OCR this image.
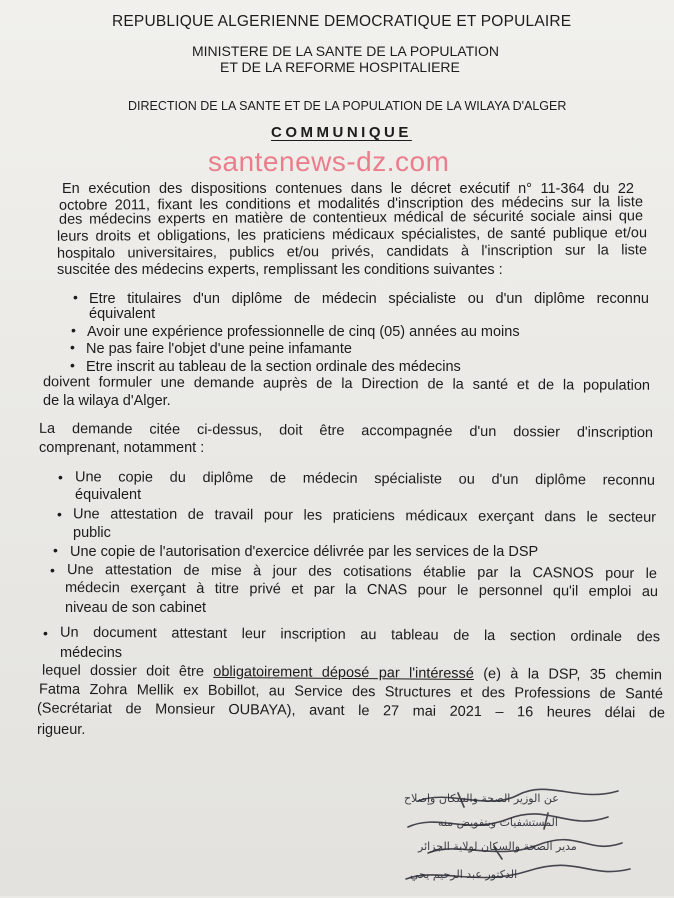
REPUBLIQUE ALGERIENNE DEMOCRATIQUE ET POPULAIRE
MINISTERE DE LA SANTE DE LA POPULATION
ET DE LA REFORME HOSPITALIERE
DIRECTION DE LA SANTE ET DE LA POPULATION DE LA WILAYA D'ALGER
COMMUNIQUE
santenews-dz.com
En exécution des dispositions contenues dans le décret exécutif n° 11-364 du 22
octobre 2011, fixant les conditions et modalités d'inscription des médecins sur la liste
des médecins experts en matière de contentieux médical de sécurité sociale ainsi que
leurs droits et obligations, les praticiens médicaux spécialistes, de santé publique et/ou
hospitalo universitaires, publics et/ou privés, candidats à l'inscription sur la liste
suscitée des médecins experts, remplissant les conditions suivantes :
• Etre titulaires d'un diplôme de médecin spécialiste ou d'un diplôme reconnu
équivalent
• Avoir une expérience professionnelle de cinq (05) années au moins
• Ne pas faire l'objet d'une peine infamante
• Etre inscrit au tableau de la section ordinale des médecins
doivent formuler une demande auprès de la Direction de la santé et de la population
de la wilaya d'Alger.
La demande citée ci-dessus, doit être accompagnée d'un dossier d'inscription
comprenant, notamment :
• Une copie du diplôme de médecin spécialiste ou d'un diplôme reconnu
équivalent
• Une attestation de travail pour les praticiens médicaux exerçant dans le secteur
public
• Une copie de l'autorisation d'exercice délivrée par les services de la DSP
• Une attestation de mise à jour des cotisations établie par la CASNOS pour le
médecin exerçant à titre privé et par la CNAS pour le personnel qu'il emploi au
niveau de son cabinet
• Un document attestant leur inscription au tableau de la section ordinale des
médecins
lequel dossier doit être obligatoirement déposé par l'intéressé (e) à la DSP, 35 chemin
Fatma Zohra Mellik ex Bobillot, au Service des Structures et des Professions de Santé
(Secrétariat de Monsieur OUBAYA), avant le 27 mai 2021 – 16 heures délai de
rigueur.
عن الوزير الصحة والسكان وإصلاح
المستشفيات وبتفويض منه
مدير الصحة والسكان لولاية الجزائر
الدكتور عبد الرحيم يحي
